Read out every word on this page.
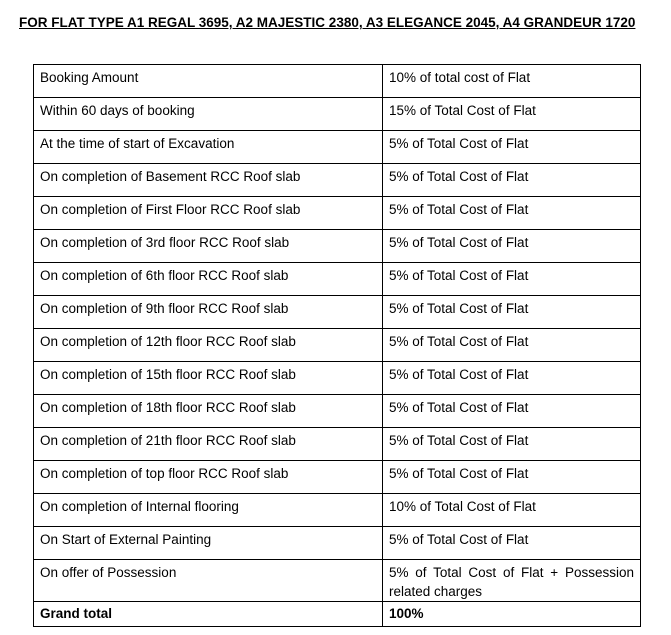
FOR FLAT TYPE A1 REGAL 3695, A2 MAJESTIC 2380, A3 ELEGANCE 2045, A4 GRANDEUR 1720
Booking Amount	10% of total cost of Flat
Within 60 days of booking	15% of Total Cost of Flat
At the time of start of Excavation	5% of Total Cost of Flat
On completion of Basement RCC Roof slab	5% of Total Cost of Flat
On completion of First Floor RCC Roof slab	5% of Total Cost of Flat
On completion of 3rd floor RCC Roof slab	5% of Total Cost of Flat
On completion of 6th floor RCC Roof slab	5% of Total Cost of Flat
On completion of 9th floor RCC Roof slab	5% of Total Cost of Flat
On completion of 12th floor RCC Roof slab	5% of Total Cost of Flat
On completion of 15th floor RCC Roof slab	5% of Total Cost of Flat
On completion of 18th floor RCC Roof slab	5% of Total Cost of Flat
On completion of 21th floor RCC Roof slab	5% of Total Cost of Flat
On completion of top floor RCC Roof slab	5% of Total Cost of Flat
On completion of Internal flooring	10% of Total Cost of Flat
On Start of External Painting	5% of Total Cost of Flat
On offer of Possession	5% of Total Cost of Flat + Possession related charges
Grand total	100%
